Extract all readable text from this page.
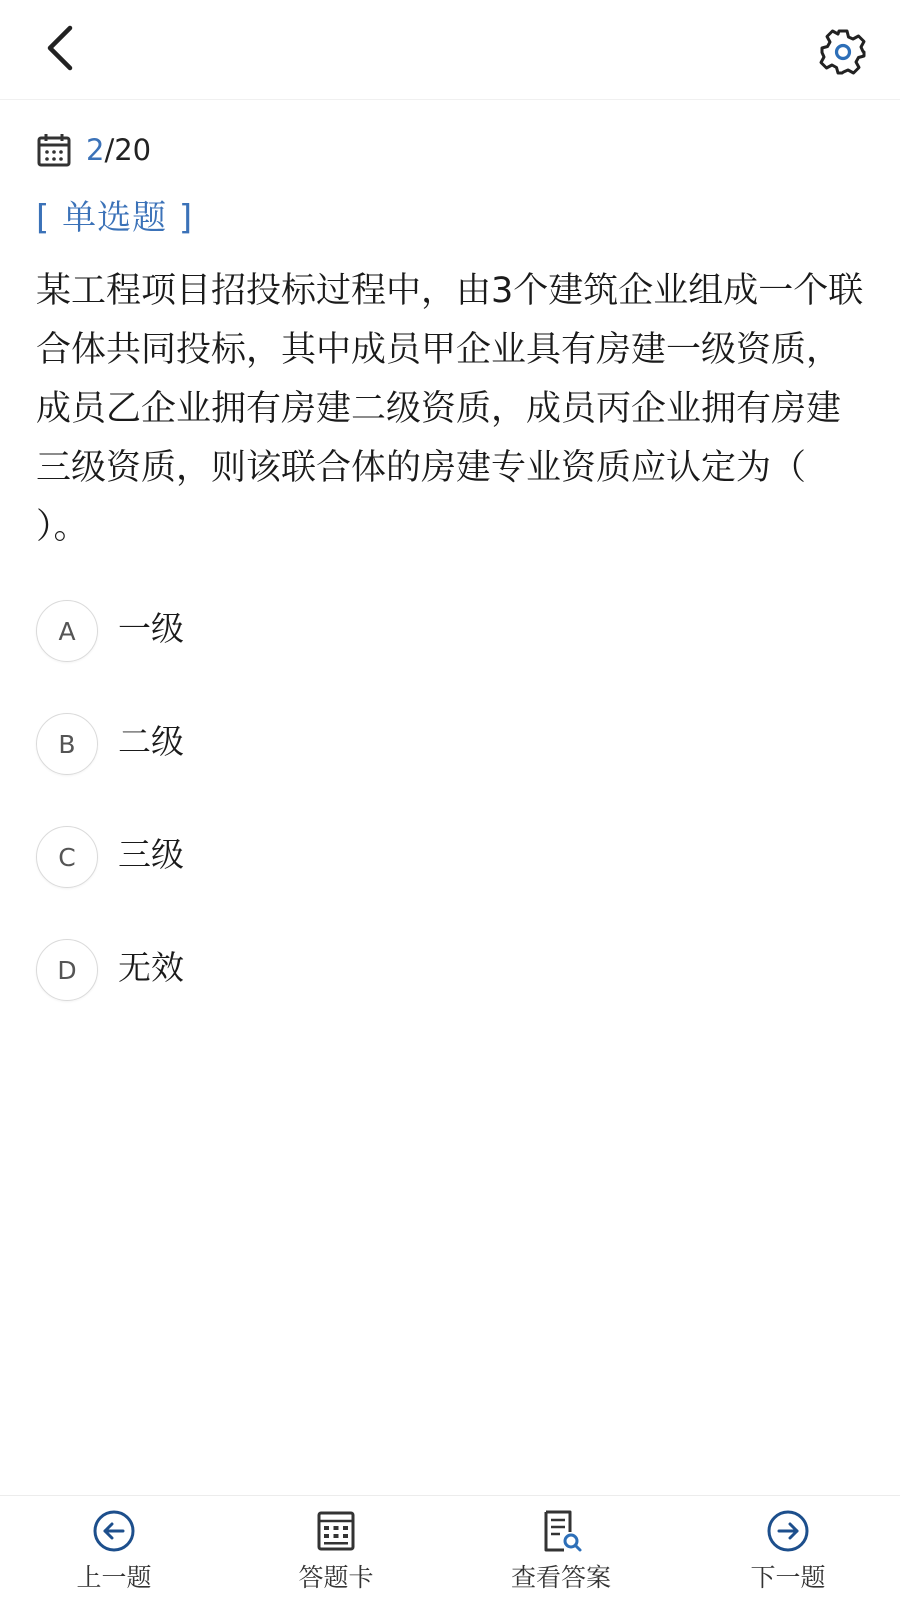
2 / 20
[ 单选题 ]
某工程项目招投标过程中，由3个建筑企业组成一个联合体共同投标，其中成员甲企业具有房建一级资质，成员乙企业拥有房建二级资质，成员丙企业拥有房建三级资质，则该联合体的房建专业资质应认定为（　　）。
A	一级
B	二级
C	三级
D	无效
上一题	答题卡	查看答案	下一题
